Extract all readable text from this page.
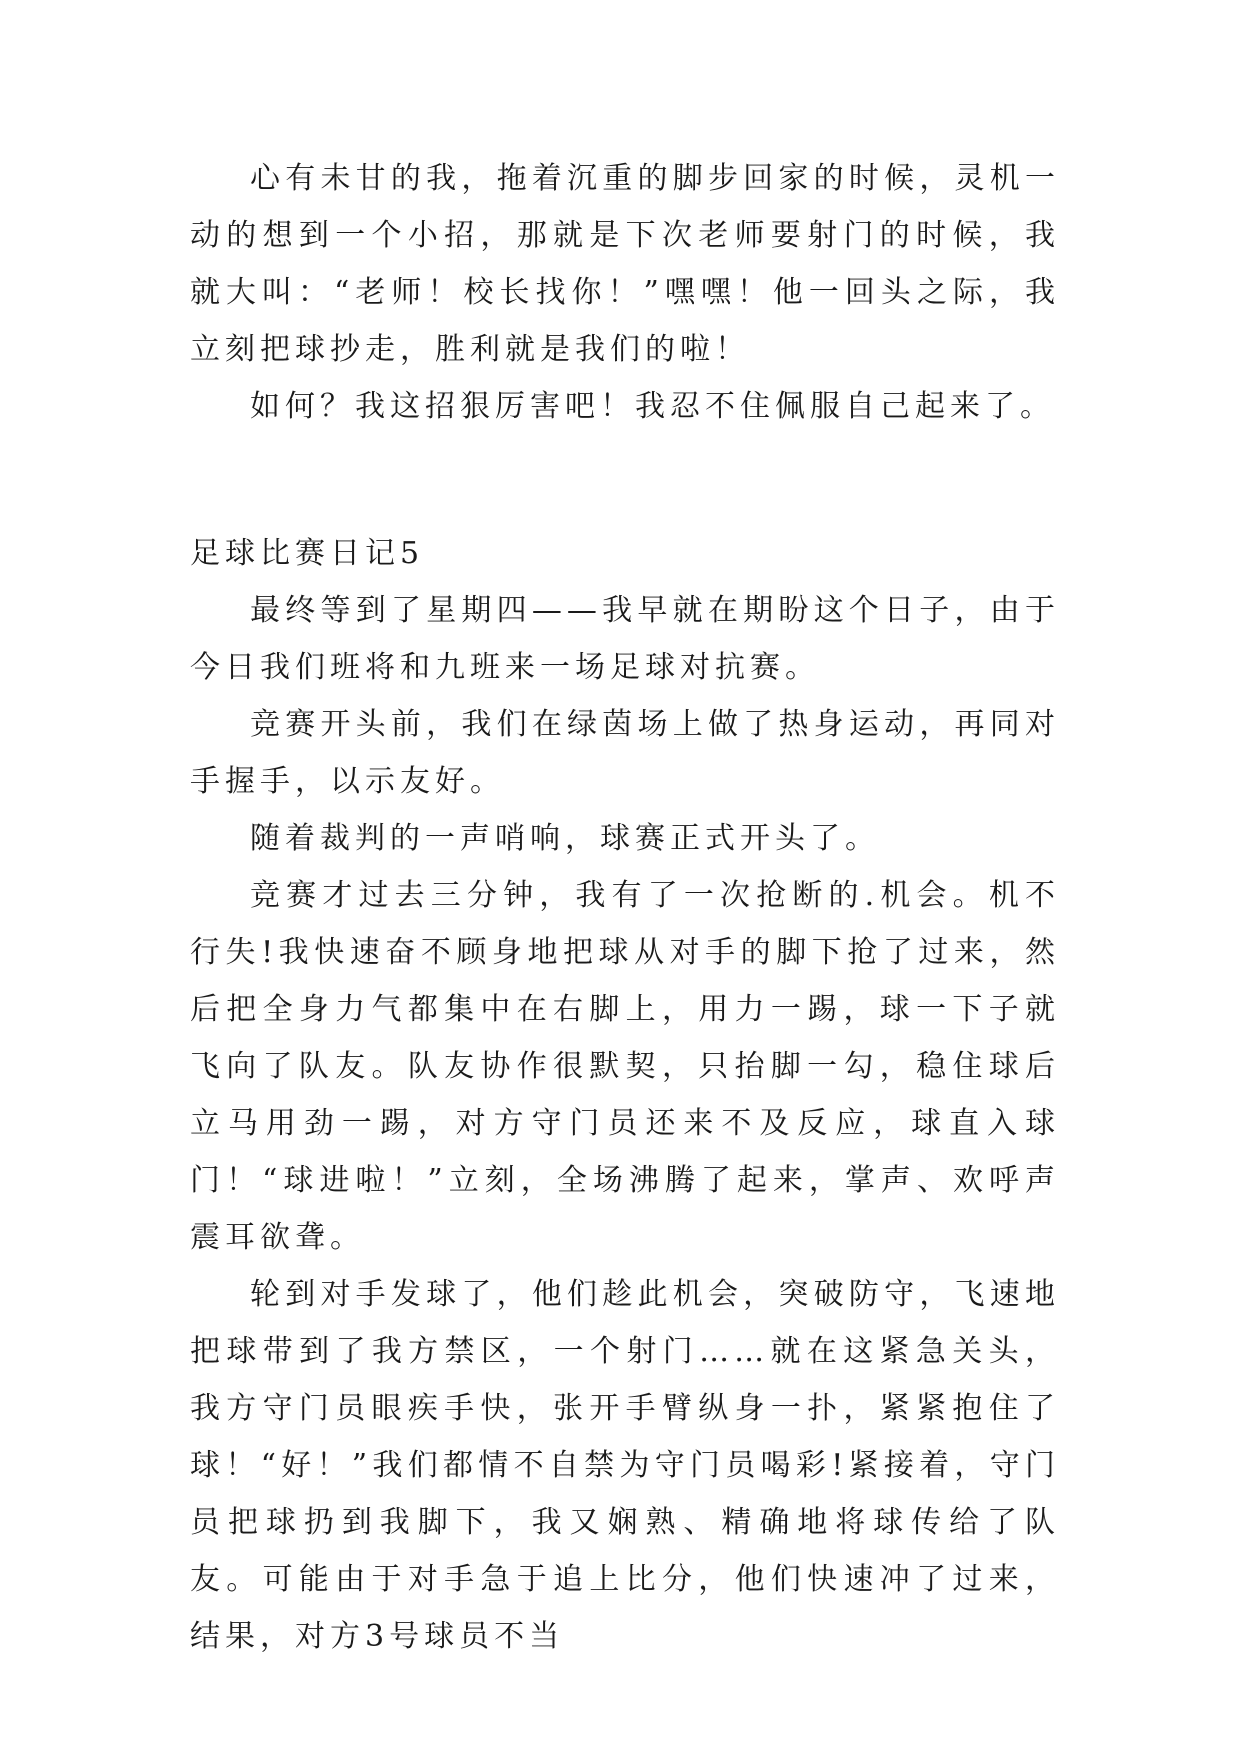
心有未甘的我，拖着沉重的脚步回家的时候，灵机一动的想到一个小招，那就是下次老师要射门的时候，我就大叫：“老师！校长找你！”嘿嘿！他一回头之际，我立刻把球抄走，胜利就是我们的啦！

如何？我这招狠厉害吧！我忍不住佩服自己起来了。

足球比赛日记5

最终等到了星期四——我早就在期盼这个日子，由于今日我们班将和九班来一场足球对抗赛。

竞赛开头前，我们在绿茵场上做了热身运动，再同对手握手，以示友好。

随着裁判的一声哨响，球赛正式开头了。

竞赛才过去三分钟，我有了一次抢断的.机会。机不行失!我快速奋不顾身地把球从对手的脚下抢了过来，然后把全身力气都集中在右脚上，用力一踢，球一下子就飞向了队友。队友协作很默契，只抬脚一勾，稳住球后立马用劲一踢，对方守门员还来不及反应，球直入球门！“球进啦！”立刻，全场沸腾了起来，掌声、欢呼声震耳欲聋。

轮到对手发球了，他们趁此机会，突破防守，飞速地把球带到了我方禁区，一个射门……就在这紧急关头，我方守门员眼疾手快，张开手臂纵身一扑，紧紧抱住了球！“好！”我们都情不自禁为守门员喝彩!紧接着，守门员把球扔到我脚下，我又娴熟、精确地将球传给了队友。可能由于对手急于追上比分，他们快速冲了过来，结果，对方3号球员不当
